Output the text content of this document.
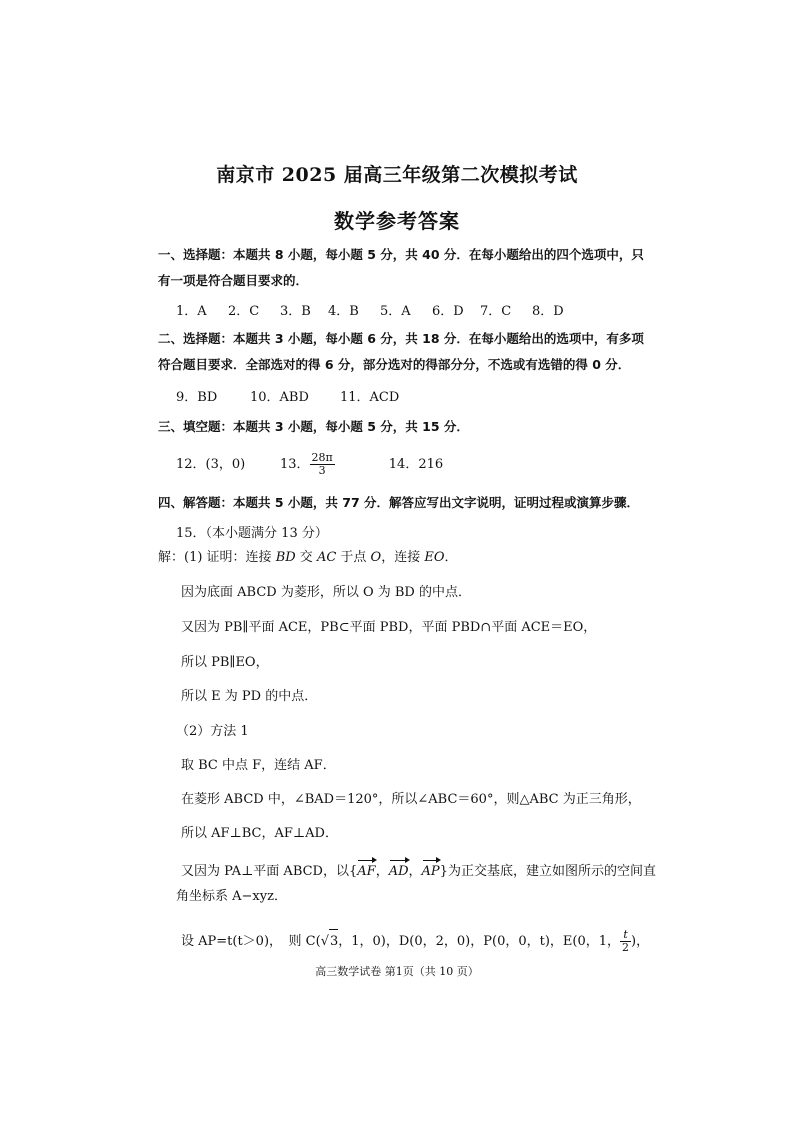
南京市 2025 届高三年级第二次模拟考试
数学参考答案
一、选择题：本题共 8 小题，每小题 5 分，共 40 分．在每小题给出的四个选项中，只有一项是符合题目要求的．
1．A 2．C 3．B 4．B 5．A 6．D 7．C 8．D
二、选择题：本题共 3 小题，每小题 6 分，共 18 分．在每小题给出的选项中，有多项符合题目要求．全部选对的得 6 分，部分选对的得部分分，不选或有选错的得 0 分．
9．BD	10．ABD 11．ACD
三、填空题：本题共 3 小题，每小题 5 分，共 15 分．
12．(3，0)	13． $\frac{28\pi}{3}$	14．216
四、解答题：本题共 5 小题，共 77 分．解答应写出文字说明，证明过程或演算步骤．
15．（本小题满分 13 分）
解：(1) 证明：连接 BD 交 AC 于点 O，连接 EO．
因为底面 ABCD 为菱形，所以 O 为 BD 的中点．
又因为 PB∥平面 ACE，PB⊂平面 PBD，平面 PBD∩平面 ACE＝EO，
所以 PB∥EO，
所以 E 为 PD 的中点．
（2）方法 1
取 BC 中点 F，连结 AF．
在菱形 ABCD 中，∠BAD＝120°，所以∠ABC＝60°，则△ABC 为正三角形，
所以 AF⊥BC，AF⊥AD．
又因为 PA⊥平面 ABCD，以{AF，AD，AP}为正交基底，建立如图所示的空间直
角坐标系 A−xyz．
设 AP=t(t＞0)，　则 C(√3，1，0)，D(0，2，0)，P(0，0，t)，E(0，1， $\frac{t}{2}$ )，
高三数学试卷 第1页（共 10 页）
